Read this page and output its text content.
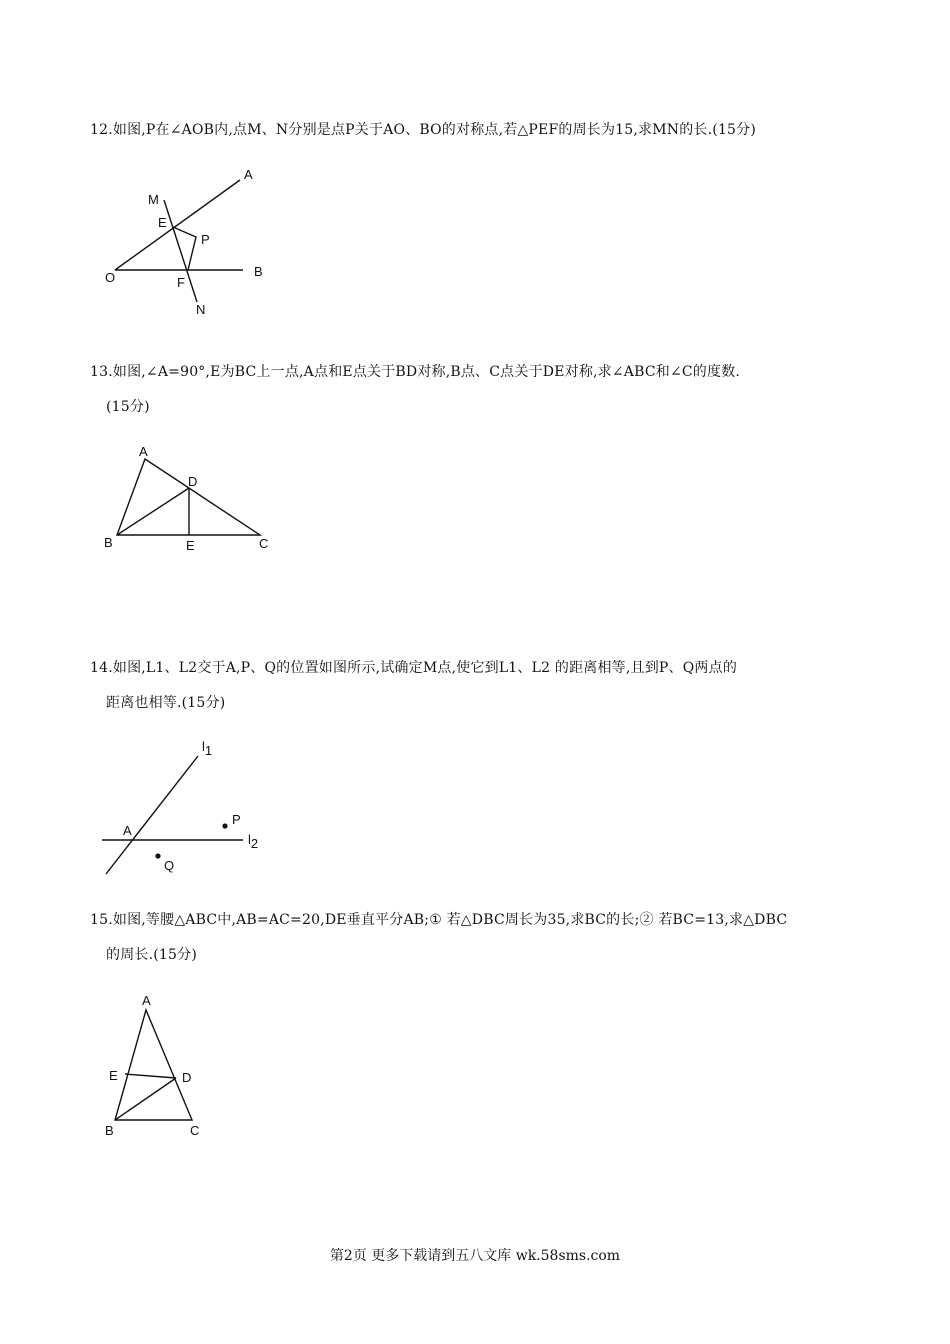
12.如图,P在∠AOB内,点M、N分别是点P关于AO、BO的对称点,若△PEF的周长为15,求MN的长.(15分)
A
M
E
P
O	F
B
N
13.如图,∠A=90°,E为BC上一点,A点和E点关于BD对称,B点、C点关于DE对称,求∠ABC和∠C的度数.
(15分)
A
D
B	E	C
14.如图,L1、L2交于A,P、Q的位置如图所示,试确定M点,使它到L1、L2 的距离相等,且到P、Q两点的
距离也相等.(15分)
l1
l2
A
P
Q
15.如图,等腰△ABC中,AB=AC=20,DE垂直平分AB;① 若△DBC周长为35,求BC的长;② 若BC=13,求△DBC
的周长.(15分)
A
E	D
B	C
第2页 更多下载请到五八文库 wk.58sms.com
